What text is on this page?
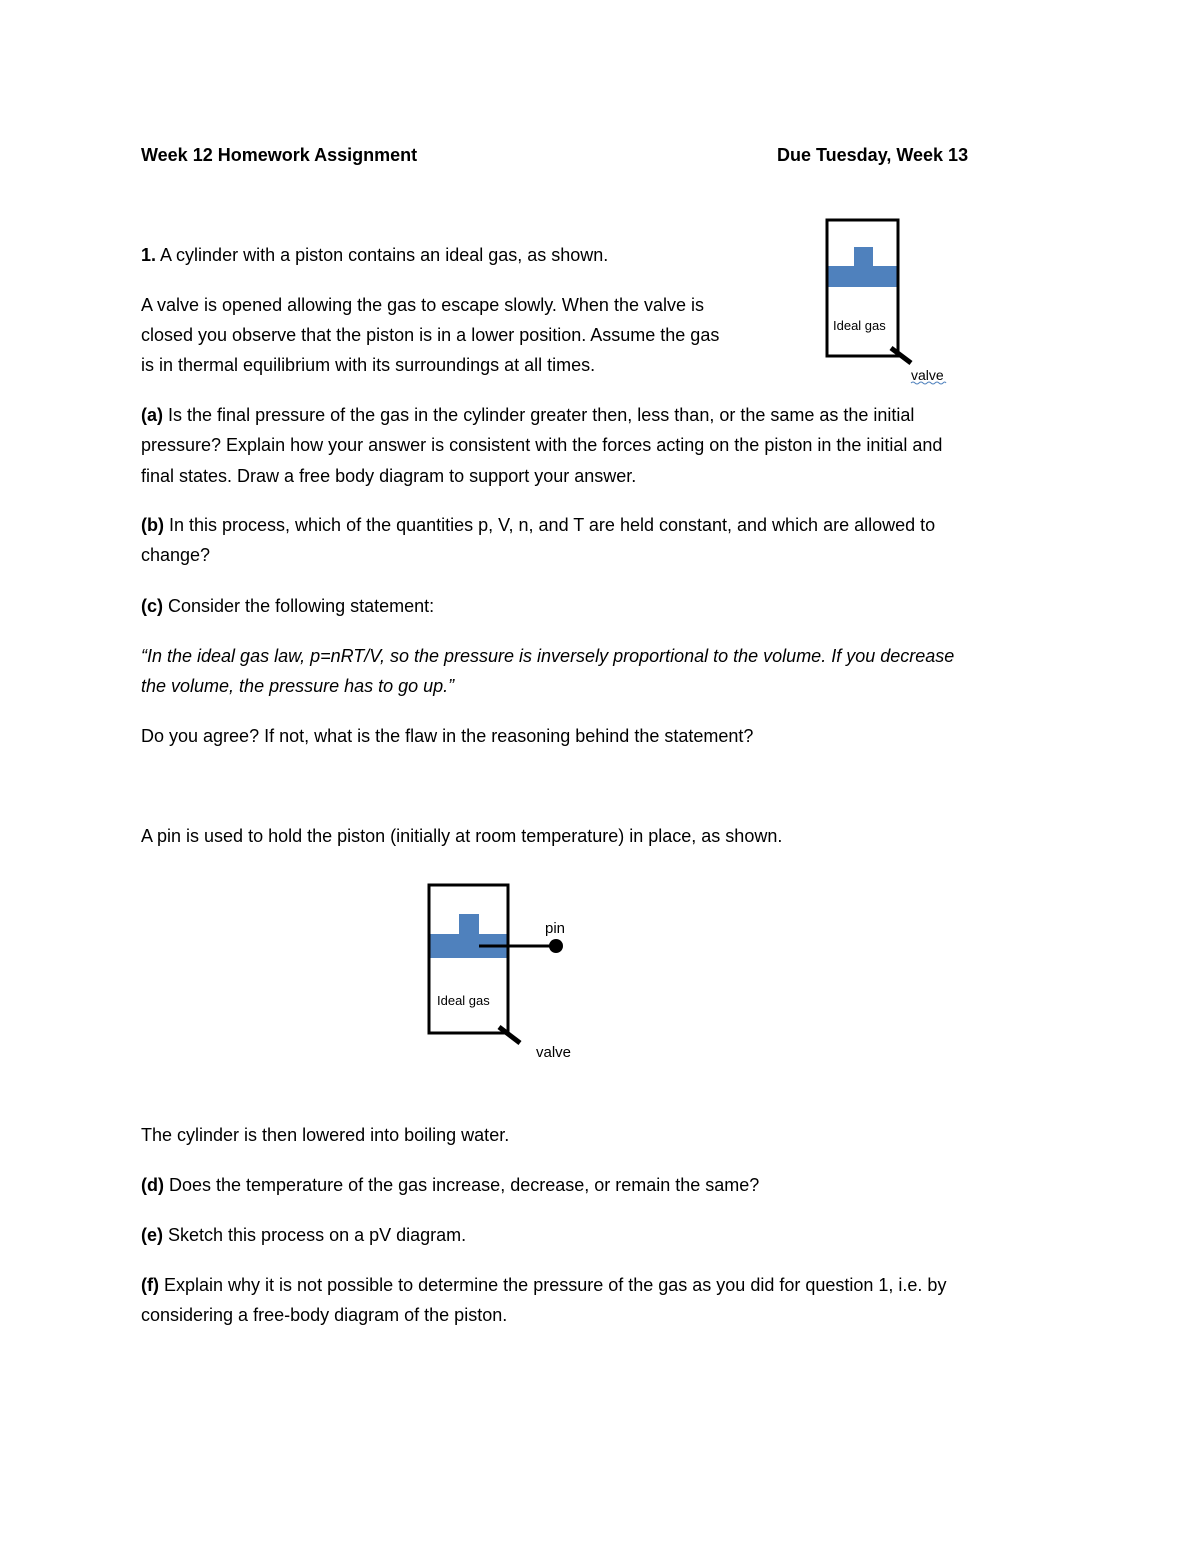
Week 12 Homework Assignment	Due Tuesday, Week 13
1. A cylinder with a piston contains an ideal gas, as shown.
A valve is opened allowing the gas to escape slowly. When the valve is
closed you observe that the piston is in a lower position. Assume the gas
is in thermal equilibrium with its surroundings at all times.
Ideal gas
valve
(a) Is the final pressure of the gas in the cylinder greater then, less than, or the same as the initial
pressure? Explain how your answer is consistent with the forces acting on the piston in the initial and
final states. Draw a free body diagram to support your answer.
(b) In this process, which of the quantities p, V, n, and T are held constant, and which are allowed to
change?
(c) Consider the following statement:
“In the ideal gas law, p=nRT/V, so the pressure is inversely proportional to the volume. If you decrease
the volume, the pressure has to go up.”
Do you agree? If not, what is the flaw in the reasoning behind the statement?
A pin is used to hold the piston (initially at room temperature) in place, as shown.
pin
Ideal gas
valve
The cylinder is then lowered into boiling water.
(d) Does the temperature of the gas increase, decrease, or remain the same?
(e) Sketch this process on a pV diagram.
(f) Explain why it is not possible to determine the pressure of the gas as you did for question 1, i.e. by
considering a free-body diagram of the piston.
